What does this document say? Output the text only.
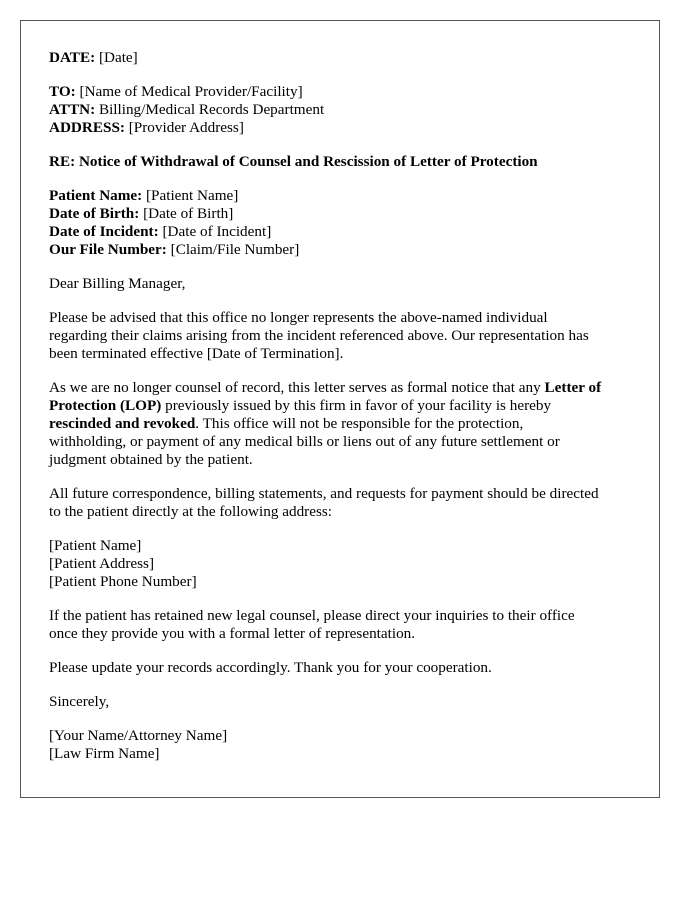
DATE: [Date]
TO: [Name of Medical Provider/Facility]
ATTN: Billing/Medical Records Department
ADDRESS: [Provider Address]
RE: Notice of Withdrawal of Counsel and Rescission of Letter of Protection
Patient Name: [Patient Name]
Date of Birth: [Date of Birth]
Date of Incident: [Date of Incident]
Our File Number: [Claim/File Number]
Dear Billing Manager,
Please be advised that this office no longer represents the above-named individual
regarding their claims arising from the incident referenced above. Our representation has
been terminated effective [Date of Termination].
As we are no longer counsel of record, this letter serves as formal notice that any Letter of
Protection (LOP) previously issued by this firm in favor of your facility is hereby
rescinded and revoked. This office will not be responsible for the protection,
withholding, or payment of any medical bills or liens out of any future settlement or
judgment obtained by the patient.
All future correspondence, billing statements, and requests for payment should be directed
to the patient directly at the following address:
[Patient Name]
[Patient Address]
[Patient Phone Number]
If the patient has retained new legal counsel, please direct your inquiries to their office
once they provide you with a formal letter of representation.
Please update your records accordingly. Thank you for your cooperation.
Sincerely,
[Your Name/Attorney Name]
[Law Firm Name]
